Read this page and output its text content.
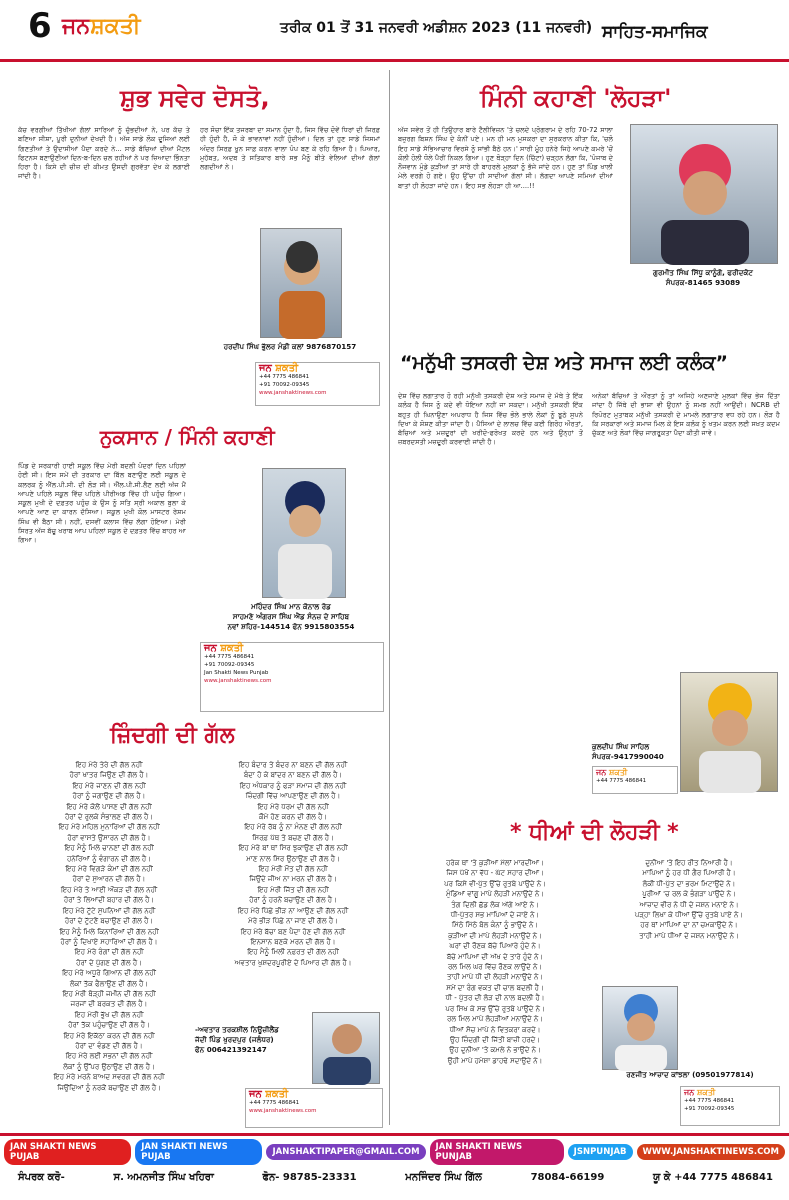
6 ਜਨਸ਼ਕਤੀ	ਤਰੀਕ 01 ਤੋਂ 31 ਜਨਵਰੀ ਅਡੀਸ਼ਨ 2023 (11 ਜਨਵਰੀ) ਸਾਹਿਤ-ਸਮਾਜਿਕ
ਸ਼ੁਭ ਸਵੇਰ ਦੋਸਤੋ,
ਕੱਚ ਵਰਗੀਆਂ ਤਿੱਖੀਆਂ ਗੱਲਾਂ ਸਾਰਿਆਂ ਨੂੰ ਚੁੱਭਦੀਆਂ ਨੇ, ਪਰ ਕੱਚ ਤੇ ਬਣਿਆ ਸੀਸ਼ਾ, ਪੂਰੀ ਦੁਨੀਆਂ ਦੇਖਦੀ ਹੈ। ਅੱਜ ਸਾਡੇ ਲੋਕ ਦੂਜਿਆਂ ਲਈ ਗਿਣਤੀਆਂ ਤੇ ਉਦਾਸੀਆਂ ਪੈਦਾ ਕਰਦੇ ਨੇ... ਸਾਡੇ ਬੱਚਿਆਂ ਦੀਆਂ ਮੈਂਟਲ ਫਿਟਨਸ ਬਣਾਉਣੀਆਂ ਦਿਨ-ਬ-ਦਿਨ ਚਲ ਰਹੀਆਂ ਨੇ ਪਰ ਜ਼ਿਆਦਾ ਭਿੰਨਤਾ ਹਿਰਾ ਹੈ। ਕਿਸੇ ਦੀ ਚੀਜ਼ ਦੀ ਕੀਮਤ ਉਸਦੀ ਗੁਰਵੱਤਾ ਦੇਖ ਕੇ ਲਗਾਈ ਜਾਂਦੀ ਹੈ।
ਹਰ ਸੋਚਾ ਇੱਕ ਤਜਰਬਾ ਦਾ ਸਮਾਨ ਹੁੰਦਾ ਹੈ, ਜਿਸ ਵਿੱਚ ਦੋਵੇਂ ਧਿਰਾਂ ਦੀ ਜਿਰਫ਼ ਹੀ ਹੁੰਦੀ ਹੈ, ਜੋ ਕੇ ਭਾਵਨਾਵਾਂ ਨਹੀਂ ਹੁੰਦੀਆਂ। ਦਿਲ ਤਾਂ ਹੁਣ ਸਾਡੇ ਜਿਸਮਾਂ ਅੰਦਰ ਸਿਰਫ਼ ਖੂਨ ਸਾਫ਼ ਕਰਨ ਵਾਲਾ ਪੰਪ ਬਣ ਕੇ ਰਹਿ ਗਿਆ ਹੈ। ਪਿਆਰ, ਮੁਹੱਬਤ, ਅਦਬ ਤੇ ਸਤਿਕਾਰ ਬਾਰੇ ਸਭ ਮੈਨੂੰ ਬੀਤੇ ਵੇਲਿਆਂ ਦੀਆਂ ਗੱਲਾਂ ਲਗਦੀਆਂ ਨੇ।
ਹਰਦੀਪ ਸਿੰਘ ਭੁੱਲਰ ਮੰਡੀ ਕਲਾਂ 9876870157
ਜਨ ਸ਼ਕਤੀ
+44 7775 486841
+91 70092-09345
www.janshaktinews.com
ਨੁਕਸਾਨ / ਮਿੰਨੀ ਕਹਾਣੀ
ਪਿੰਡ ਦੇ ਸਰਕਾਰੀ ਹਾਈ ਸਕੂਲ ਵਿੱਚ ਮੇਰੀ ਬਦਲੀ ਪੰਦਰਾਂ ਦਿਨ ਪਹਿਲਾਂ ਹੋਈ ਸੀ। ਇਸ ਸਮੇਂ ਦੀ ਤਰਕਾਰ ਦਾ ਬਿੱਲ ਬਣਾਉਣ ਲਈ ਸਕੂਲ ਦੇ ਕਲਰਕ ਨੂੰ ਐੱਲ.ਪੀ.ਸੀ. ਦੀ ਲੋੜ ਸੀ। ਐੱਲ.ਪੀ.ਸੀ.ਲੈਣ ਲਈ ਅੱਜ ਮੈਂ ਆਪਣੇ ਪਹਿਲੇ ਸਕੂਲ ਵਿੱਚ ਪਹਿਲੇ ਪੀਰੀਅਡ ਵਿੱਚ ਹੀ ਪਹੁੰਚ ਗਿਆ। ਸਕੂਲ ਮੁਖੀ ਦੇ ਦਫ਼ਤਰ ਪਹੁੰਚ ਕੇ ਉਸ ਨੂੰ ਸਤਿ ਸ੍ਰੀ ਅਕਾਲ ਬੁਲਾ ਕੇ ਆਪਣੇ ਆਣ ਦਾ ਕਾਰਨ ਦੱਸਿਆ। ਸਕੂਲ ਮੁਖੀ ਕੋਲ ਮਾਸਟਰ ਰੇਸ਼ਮ ਸਿੰਘ ਵੀ ਬੈਠਾ ਸੀ। ਨਹੀਂ, ਦਸਵੀਂ ਕਲਾਸ ਵਿੱਚ ਲੱਗਾ ਹੋਇਆ। ਮੇਰੀ ਸਿਰਤ ਅੱਜ ਬੱਚੂ ਖਰਾਬ ਆਪ ਪਹਿਲਾਂ ਸਕੂਲ ਦੇ ਦਫ਼ਤਰ ਵਿੱਚ ਬਾਹਰ ਆ ਗਿਆ।
ਮਹਿੰਦਰ ਸਿੰਘ ਮਾਨ ਕੋਨਾਲ ਰੋਡ
ਸਾਹਮਣੇ ਅੰਗਰਸ ਸਿੰਘ ਐਂਡ ਸੰਨਜ਼ ਦੇ ਸਾਹਿਬ
ਨਵਾਂ ਸ਼ਹਿਰ-144514 ਫੋਨ 9915803554
ਜਨ ਸ਼ਕਤੀ
+44 7775 486841
+91 70092-09345
Jan Shakti News Punjab
www.janshaktinews.com
ਜ਼ਿੰਦਗੀ ਦੀ ਗੱਲ
ਇਹ ਮੇਰੇ ਤੇਰੇ ਦੀ ਗੱਲ ਨਹੀਂ
ਹੋਰਾਂ ਖਾਤਰ ਜਿਉਣ ਦੀ ਗੱਲ ਹੈ।
ਇਹ ਮੇਰੇ ਜਾਣਨ ਦੀ ਗੱਲ ਨਹੀਂ
ਹੋਰਾਂ ਨੂੰ ਜਗਾਉਣ ਦੀ ਗੱਲ ਹੈ।
ਇਹ ਮੇਰੇ ਕੋਲੋਂ ਪਾਸਣ ਦੀ ਗੱਲ ਨਹੀਂ
ਹੋਰਾਂ ਦੇ ਰੁਲਕੇ ਸੰਭਾਲਣ ਦੀ ਗੱਲ ਹੈ।
ਇਹ ਮੇਰੇ ਮਹਿਲ ਮੁਨਾਰਿਆਂ ਦੀ ਗੱਲ ਨਹੀਂ
ਹੋਰਾਂ ਵਾਸਤੇ ਉਸਾਰਨ ਦੀ ਗੱਲ ਹੈ।
ਇਹ ਮੈਨੂੰ ਮਿਲੇ ਚਾਨਣਾਂ ਦੀ ਗੱਲ ਨਹੀਂ
ਹਨੇਰਿਆਂ ਨੂੰ ਵੰਗਾਰਨ ਦੀ ਗੱਲ ਹੈ।
ਇਹ ਮੇਰੇ ਵਿਗੜੇ ਕੰਮਾਂ ਦੀ ਗੱਲ ਨਹੀਂ
ਹੋਰਾਂ ਦੇ ਸੁਆਰਨ ਦੀ ਗੱਲ ਹੈ।
ਇਹ ਮੇਰੇ ਤੇ ਆਈ ਔਕੜ ਦੀ ਗੱਲ ਨਹੀਂ
ਹੋਰਾਂ ਤੇ ਲਿਆਂਦੀ ਬਹਾਰ ਦੀ ਗੱਲ ਹੈ।
ਇਹ ਮੇਰੇ ਟੁੱਟੇ ਸੁਪਨਿਆਂ ਦੀ ਗੱਲ ਨਹੀਂ
ਹੋਰਾਂ ਦੇ ਟੁੱਟਣੋਂ ਬਚਾਉਣ ਦੀ ਗੱਲ ਹੈ।
ਇਹ ਮੈਨੂੰ ਮਿਲੇ ਕਿਨਾਰਿਆਂ ਦੀ ਗੱਲ ਨਹੀਂ
ਹੋਰਾਂ ਨੂੰ ਦਿਖਾਏ ਸਹਾਰਿਆਂ ਦੀ ਗੱਲ ਹੈ।
ਇਹ ਮੇਰੇ ਰੰਗਾਂ ਦੀ ਗੱਲ ਨਹੀਂ
ਹੋਰਾਂ ਦੇ ਪੁੱਗਣ ਦੀ ਗੱਲ ਹੈ।
ਇਹ ਮੇਰੇ ਅਧੂਰੇ ਗਿਆਨ ਦੀ ਗੱਲ ਨਹੀਂ
ਲੋਕਾਂ ਤੱਕ ਫੈਲਾਉਣ ਦੀ ਗੱਲ ਹੈ।
ਇਹ ਮੇਰੀ ਥੋੜ੍ਹੀ ਜਮੀਨ ਦੀ ਗੱਲ ਨਹੀਂ
ਜਰਜਾਂ ਦੀ ਬਰਕਤ ਦੀ ਗੱਲ ਹੈ।
ਇਹ ਮੇਰੀ ਭੁੱਖ ਦੀ ਗੱਲ ਨਹੀਂ
ਹੋਰਾਂ ਤੱਕ ਪਹੁੰਚਾਉਣ ਦੀ ਗੱਲ ਹੈ।
ਇਹ ਮੇਰੇ ਇਕੱਠਾ ਕਰਨ ਦੀ ਗੱਲ ਨਹੀਂ
ਹੋਰਾਂ ਦਾ ਵੰਡਣ ਦੀ ਗੱਲ ਹੈ।
ਇਹ ਮੇਰੇ ਲਈ ਸਭਨਾਂ ਦੀ ਗੱਲ ਨਹੀਂ
ਲੋਕਾਂ ਨੂੰ ਉੱਪਰ ਉਠਾਉਣ ਦੀ ਗੱਲ ਹੈ।
ਇਹ ਮੇਰੇ ਮਰਨੇ ਬਾਅਦ ਸਵਰਗ ਦੀ ਗੱਲ ਨਹੀਂ
ਜਿਉਂਦਿਆਂ ਨੂੰ ਨਰਕੋਂ ਬਚਾਉਣ ਦੀ ਗੱਲ ਹੈ।
ਇਹ ਬੰਦਾਰ ਤੇ ਬੰਦਰ ਨਾ ਬਣਨ ਦੀ ਗੱਲ ਨਹੀਂ
ਬੰਦਾ ਹੋ ਕੇ ਬਾਂਦਰ ਨਾ ਬਣਨ ਦੀ ਗੱਲ ਹੈ।
ਇਹ ਅੰਧਕਾਰ ਨੂੰ ਫੜਾ ਸਮਾਜ ਦੀ ਗੱਲ ਨਹੀਂ
ਜ਼ਿੰਦਗੀ ਵਿੱਚ ਆਪਣਾਉਣ ਦੀ ਗੱਲ ਹੈ।
ਇਹ ਮੇਰੇ ਧਰਮ ਦੀ ਗੱਲ ਨਹੀਂ
ਕੌਮੇ ਹੋਣ ਕਰਨ ਦੀ ਗੱਲ ਹੈ।
ਇਹ ਮੇਰੇ ਰੱਬ ਨੂੰ ਨਾ ਮੰਨਣ ਦੀ ਗੱਲ ਨਹੀਂ
ਸਿਰਫ਼ ਪੱਥ ਤੇ ਬਚਣ ਦੀ ਗੱਲ ਹੈ।
ਇਹ ਮੇਰੇ ਬਾਂ ਥਾਂ ਸਿਰ ਝੁਕਾਉਣ ਦੀ ਗੱਲ ਨਹੀਂ
ਮਾਣ ਨਾਲ ਸਿਰ ਉਠਾਉਣ ਦੀ ਗੱਲ ਹੈ।
ਇਹ ਮੇਰੀ ਮੌਤ ਦੀ ਗੱਲ ਨਹੀਂ
ਜਿਉਂਦੇ ਜੀਅ ਨਾ ਮਰਨ ਦੀ ਗੱਲ ਹੈ।
ਇਹ ਮੇਰੀ ਜਿੱਤ ਦੀ ਗੱਲ ਨਹੀਂ
ਹੋਰਾਂ ਨੂੰ ਹਰਨੋਂ ਬਚਾਉਣ ਦੀ ਗੱਲ ਹੈ।
ਇਹ ਮੇਰੇ ਪਿੱਛੇ ਭੀੜ ਨਾ ਆਉਣ ਦੀ ਗੱਲ ਨਹੀਂ
ਮੇਰੇ ਭੀੜ ਪਿੱਛੇ ਨਾ ਜਾਣ ਦੀ ਗੱਲ ਹੈ।
ਇਹ ਮੇਰੇ ਬੱਚਾ ਬਣ ਪੈਦਾ ਹੋਣ ਦੀ ਗੱਲ ਨਹੀਂ
ਇਨਸਾਨ ਬਣਕੇ ਮਰਨ ਦੀ ਗੱਲ ਹੈ।
ਇਹ ਮੈਨੂੰ ਮਿਲੀ ਨਫ਼ਰਤ ਦੀ ਗੱਲ ਨਹੀਂ
ਅਵਤਾਰ ਖੁਸ਼ਦਰਪੂਰੀਏ ਦੇ ਪਿਆਰ ਦੀ ਗੱਲ ਹੈ।
-ਅਵਤਾਰ ਤਰਕਸ਼ੀਲ ਨਿਊਜ਼ੀਲੈਂਡ
ਜੱਦੀ ਪਿੰਡ ਖੁਰਦਪੁਰ (ਜਲੰਧਰ)
ਫੋਨ 006421392147
ਜਨ ਸ਼ਕਤੀ
+44 7775 486841
www.janshaktinews.com
ਮਿੰਨੀ ਕਹਾਣੀ 'ਲੋਹੜਾ'
ਅੱਜ ਸਵੇਰ ਤੋਂ ਹੀ ਤਿਉਹਾਰ ਬਾਰੇ ਟੈਲੀਵਿਜ਼ਨ 'ਤੇ ਚਲਦੇ ਪ੍ਰੋਗਰਾਮ ਦੇ ਰਹਿ 70-72 ਸਾਲਾ ਬਜ਼ੁਰਗ ਬਿਸ਼ਨ ਸਿੰਘ ਦੇ ਕੰਨੀਂ ਪਏ। ਮਨ ਹੀ ਮਨ ਮੁਸਕਰਾ ਦਾ ਸੁਰਕਰਾਨ ਕੀਤਾ ਕਿ, 'ਚਲੋ ਇਹ ਸਾਡੇ ਸੱਭਿਆਚਾਰ ਵਿਰਸੇ ਨੂੰ ਸਾਂਭੀ ਬੈਠੇ ਹਨ।' ਸਾਰੀ ਮੂੰਹ ਹਨੇਰੇ ਜਿਹੇ ਆਪਣੇ ਕਮਰੇ 'ਚੋਂ ਕੋਲੀ ਹੋਲੀ ਧੋਲੇ ਪੈਰੀਂ ਨਿਕਲ ਗਿਆ। ਹੁਣ ਥੋੜ੍ਹਾ ਦਿਨ (ਚਿੱਟਾ) ਚੜ੍ਹਨ ਲੱਗਾ ਕਿ, 'ਪੰਜਾਬ ਦੇ ਨੌਜਵਾਨ ਮੁੰਡੇ ਕੁੜੀਆਂ ਤਾਂ ਸਾਰੇ ਹੀ ਬਾਹਰਲੇ ਮੁਲਕਾਂ ਨੂੰ ਭੱਜੇ ਜਾਂਦੇ ਹਨ। ਹੁਣ ਤਾਂ ਪਿੰਡ ਖਾਲੀ ਮੇਲੇ ਵਰਗੇ ਹੋ ਗਏ। ਉਹ ਉੱਚਾ ਹੀ ਸਾਦੀਆਂ ਗੱਲਾਂ ਸੀ। ਲੱਗਦਾ ਆਪਣੇ ਸਮਿਆਂ ਦੀਆਂ ਬਾਤਾਂ ਹੀ ਲੋਹੜਾ ਜਾਂਦੇ ਹਨ। ਇਹ ਸਭ ਲੋਹੜਾ ਹੀ ਆ....!!
ਗੁਰਮੀਤ ਸਿੰਘ ਸਿੱਧੂ ਕਾਨੂੰਗੋ, ਫਰੀਦਕੋਟ
ਸੰਪਰਕ-81465 93089
“ਮਨੁੱਖੀ ਤਸਕਰੀ ਦੇਸ਼ ਅਤੇ ਸਮਾਜ ਲਈ ਕਲੰਕ”
ਦੇਸ਼ ਵਿੱਚ ਲਗਾਤਾਰ ਹੋ ਰਹੀ ਮਨੁੱਖੀ ਤਸਕਰੀ ਦੇਸ਼ ਅਤੇ ਸਮਾਜ ਦੇ ਮੱਥੇ ਤੇ ਇੱਕ ਕਲੰਕ ਹੈ ਜਿਸ ਨੂੰ ਕਦੇ ਵੀ ਧੋਇਆ ਨਹੀਂ ਜਾ ਸਕਦਾ। ਮਨੁੱਖੀ ਤਸਕਰੀ ਇੱਕ ਬਹੁਤ ਹੀ ਘਿਨਾਉਣਾ ਅਪਰਾਧ ਹੈ ਜਿਸ ਵਿੱਚ ਭੋਲੇ ਭਾਲੇ ਲੋਕਾਂ ਨੂੰ ਝੂਠੇ ਸੁਪਨੇ ਦਿਖਾ ਕੇ ਸ਼ੋਸ਼ਣ ਕੀਤਾ ਜਾਂਦਾ ਹੈ। ਪੈਸਿਆਂ ਦੇ ਲਾਲਚ ਵਿੱਚ ਕਈ ਗਿਰੋਹ ਔਰਤਾਂ, ਬੱਚਿਆਂ ਅਤੇ ਮਜ਼ਦੂਰਾਂ ਦੀ ਖਰੀਦੋ-ਫਰੋਖਤ ਕਰਦੇ ਹਨ ਅਤੇ ਉਨ੍ਹਾਂ ਤੋਂ ਜ਼ਬਰਦਸਤੀ ਮਜ਼ਦੂਰੀ ਕਰਵਾਈ ਜਾਂਦੀ ਹੈ।
ਅਨੇਕਾਂ ਬੱਚਿਆਂ ਤੇ ਔਰਤਾਂ ਨੂੰ ਤਾਂ ਅਜਿਹੇ ਅਣਜਾਣੇ ਮੁਲਕਾਂ ਵਿੱਚ ਭੇਜ ਦਿੱਤਾ ਜਾਂਦਾ ਹੈ ਜਿੱਥੇ ਦੀ ਭਾਸ਼ਾ ਵੀ ਉਹਨਾਂ ਨੂੰ ਸਮਝ ਨਹੀਂ ਆਉਂਦੀ। NCRB ਦੀ ਰਿਪੋਰਟ ਮੁਤਾਬਕ ਮਨੁੱਖੀ ਤਸਕਰੀ ਦੇ ਮਾਮਲੇ ਲਗਾਤਾਰ ਵਧ ਰਹੇ ਹਨ। ਲੋੜ ਹੈ ਕਿ ਸਰਕਾਰਾਂ ਅਤੇ ਸਮਾਜ ਮਿਲ ਕੇ ਇਸ ਕਲੰਕ ਨੂੰ ਖਤਮ ਕਰਨ ਲਈ ਸਖ਼ਤ ਕਦਮ ਚੁੱਕਣ ਅਤੇ ਲੋਕਾਂ ਵਿੱਚ ਜਾਗਰੂਕਤਾ ਪੈਦਾ ਕੀਤੀ ਜਾਵੇ।
ਕੁਲਦੀਪ ਸਿੰਘ ਸਾਹਿਲ
ਸੰਪਰਕ-9417990040
ਜਨ ਸ਼ਕਤੀ
+44 7775 486841
* ਧੀਆਂ ਦੀ ਲੋਹੜੀ *
ਹਰੇਕ ਥਾਂ 'ਤੇ ਕੁੜੀਆਂ ਮੱਲਾਂ ਮਾਰਦੀਆਂ।
ਜਿਸ ਪੱਖੋਂ ਨਾ ਵੱਧ - ਘੱਟ ਸਹਾਰ ਦੀਆਂ।
ਪਰ ਕਿਸੇ ਵੀ-ਪੁੱਤ ਉੱਚੇ ਰੁਤਬੇ ਪਾਉਂਦੇ ਨੇ।
ਮੁੰਡਿਆਂ ਵਾਂਗੂ ਮਾਪੇ ਲੋਹੜੀ ਮਨਾਉਂਦੇ ਨੇ।
ਤੰਗ ਦਿਲੀ ਛੱਡ ਲੋਕ ਅੱਗੇ ਆਏ ਨੇ।
ਧੀ-ਪੁੱਤਰ ਸਭ ਮਾਪਿਆਂ ਦੇ ਜਾਏ ਨੇ।
ਮਿੱਠੇ ਮਿੱਠੇ ਬੋਲ ਕੰਨਾਂ ਨੂੰ ਭਾਉਂਦੇ ਨੇ।
ਕੁੜੀਆਂ ਦੀ ਮਾਪੇ ਲੋਹੜੀ ਮਨਾਉਂਦੇ ਨੇ।
ਘਰਾਂ ਦੀ ਰੌਣਕ ਬੱਚੇ ਪਿਆਰੇ ਹੁੰਦੇ ਨੇ।
ਬੱਚੇ ਮਾਪਿਆਂ ਦੀ ਅੱਖ ਦੇ ਤਾਰੇ ਹੁੰਦੇ ਨੇ।
ਰਲ ਮਿਲ ਘਰ ਵਿੱਚ ਰੌਣਕ ਲਾਉਂਦੇ ਨੇ।
ਤਾਹੀ ਮਾਪੇ ਧੀ ਦੀ ਲੋਹੜੀ ਮਨਾਉਂਦੇ ਨੇ।
ਸਮੇਂ ਦਾ ਰੰਗ ਵਕਤ ਦੀ ਚਾਲ ਬਦਲੀ ਹੈ।
ਧੀ - ਪੁੱਤਰ ਦੀ ਲੋੜ ਦੀ ਨਾਲ ਬਦਲੀ ਹੈ।
ਪਰ ਸਿਖ ਕੇ ਸਭ ਉੱਚੇ ਰੁਤਬੇ ਪਾਉਂਦੇ ਨੇ।
ਰਲ ਮਿਲ ਮਾਪੇ ਲੋਹੜੀਆਂ ਮਨਾਉਂਦੇ ਨੇ।
ਧੀਆਂ ਸੋਚ ਮਾਪੇ ਨੇ ਵਿਤਕਰਾ ਕਰਦੇ।
ਉਹ ਜ਼ਿੰਦਗੀ ਦੀ ਜਿੱਤੀ ਬਾਜ਼ੀ ਹਰਦੇ।
ਉਹ ਦੁਨੀਆ 'ਤੇ ਕਮਲੇ ਨੇ ਭਾਉਂਦੇ ਨੇ।
ਉਹੀ ਮਾਪੇ ਹਮੇਸ਼ਾ ਡਾਹਢੇ ਸਦਾਉਂਦੇ ਨੇ।
ਦੁਨੀਆ 'ਤੇ ਇਹ ਰੀਤ ਨਿਆਰੀ ਹੈ।
ਮਾਪਿਆਂ ਨੂੰ ਹਰ ਧੀ ਗੈਰ ਪਿਆਰੀ ਹੈ।
ਲੋਕੀਂ ਧੀ-ਪੁੱਤ ਦਾ ਭਰਮ ਮਿਟਾਉਂਦੇ ਨੇ।
ਪੂਰੀਆਂ 'ਚ ਰਲ ਕੇ ਭੰਗੜਾ ਪਾਉਂਦੇ ਨੇ।
ਆਜ਼ਾਦ ਵੀਰ ਨੇ ਧੀ ਦੇ ਜਸ਼ਨ ਮਨਾਏ ਨੇ।
ਪੜ੍ਹਾ ਲਿਖਾ ਕੇ ਧੀਆਂ ਉੱਚੇ ਰੁਤਬੇ ਪਾਏ ਨੇ।
ਹਰ ਥਾਂ ਮਾਪਿਆਂ ਦਾ ਨਾਂ ਚਮਕਾਉਂਦੇ ਨੇ।
ਤਾਹੀ ਮਾਪੇ ਧੀਆਂ ਦੇ ਜਸ਼ਨ ਮਨਾਉਂਦੇ ਨੇ।
ਰਣਜੀਤ ਆਜ਼ਾਦ ਕਾਂਝਲਾ (09501977814)
ਜਨ ਸ਼ਕਤੀ
+44 7775 486841
+91 70092-09345
JAN SHAKTI NEWS PUJAB
JAN SHAKTI NEWS PUJAB	JANSHAKTIPAPER@GMAIL.COM	JAN SHAKTI NEWS PUNJAB	JSNPUNJAB	WWW.JANSHAKTINEWS.COM
ਸੰਪਰਕ ਕਰੋ-	ਸ. ਅਮਨਜੀਤ ਸਿੰਘ ਖਹਿਰਾ	ਫੋਨ- 98785-23331	ਮਨਜਿੰਦਰ ਸਿੰਘ ਗਿੱਲ	78084-66199	ਯੂ ਕੇ +44 7775 486841
